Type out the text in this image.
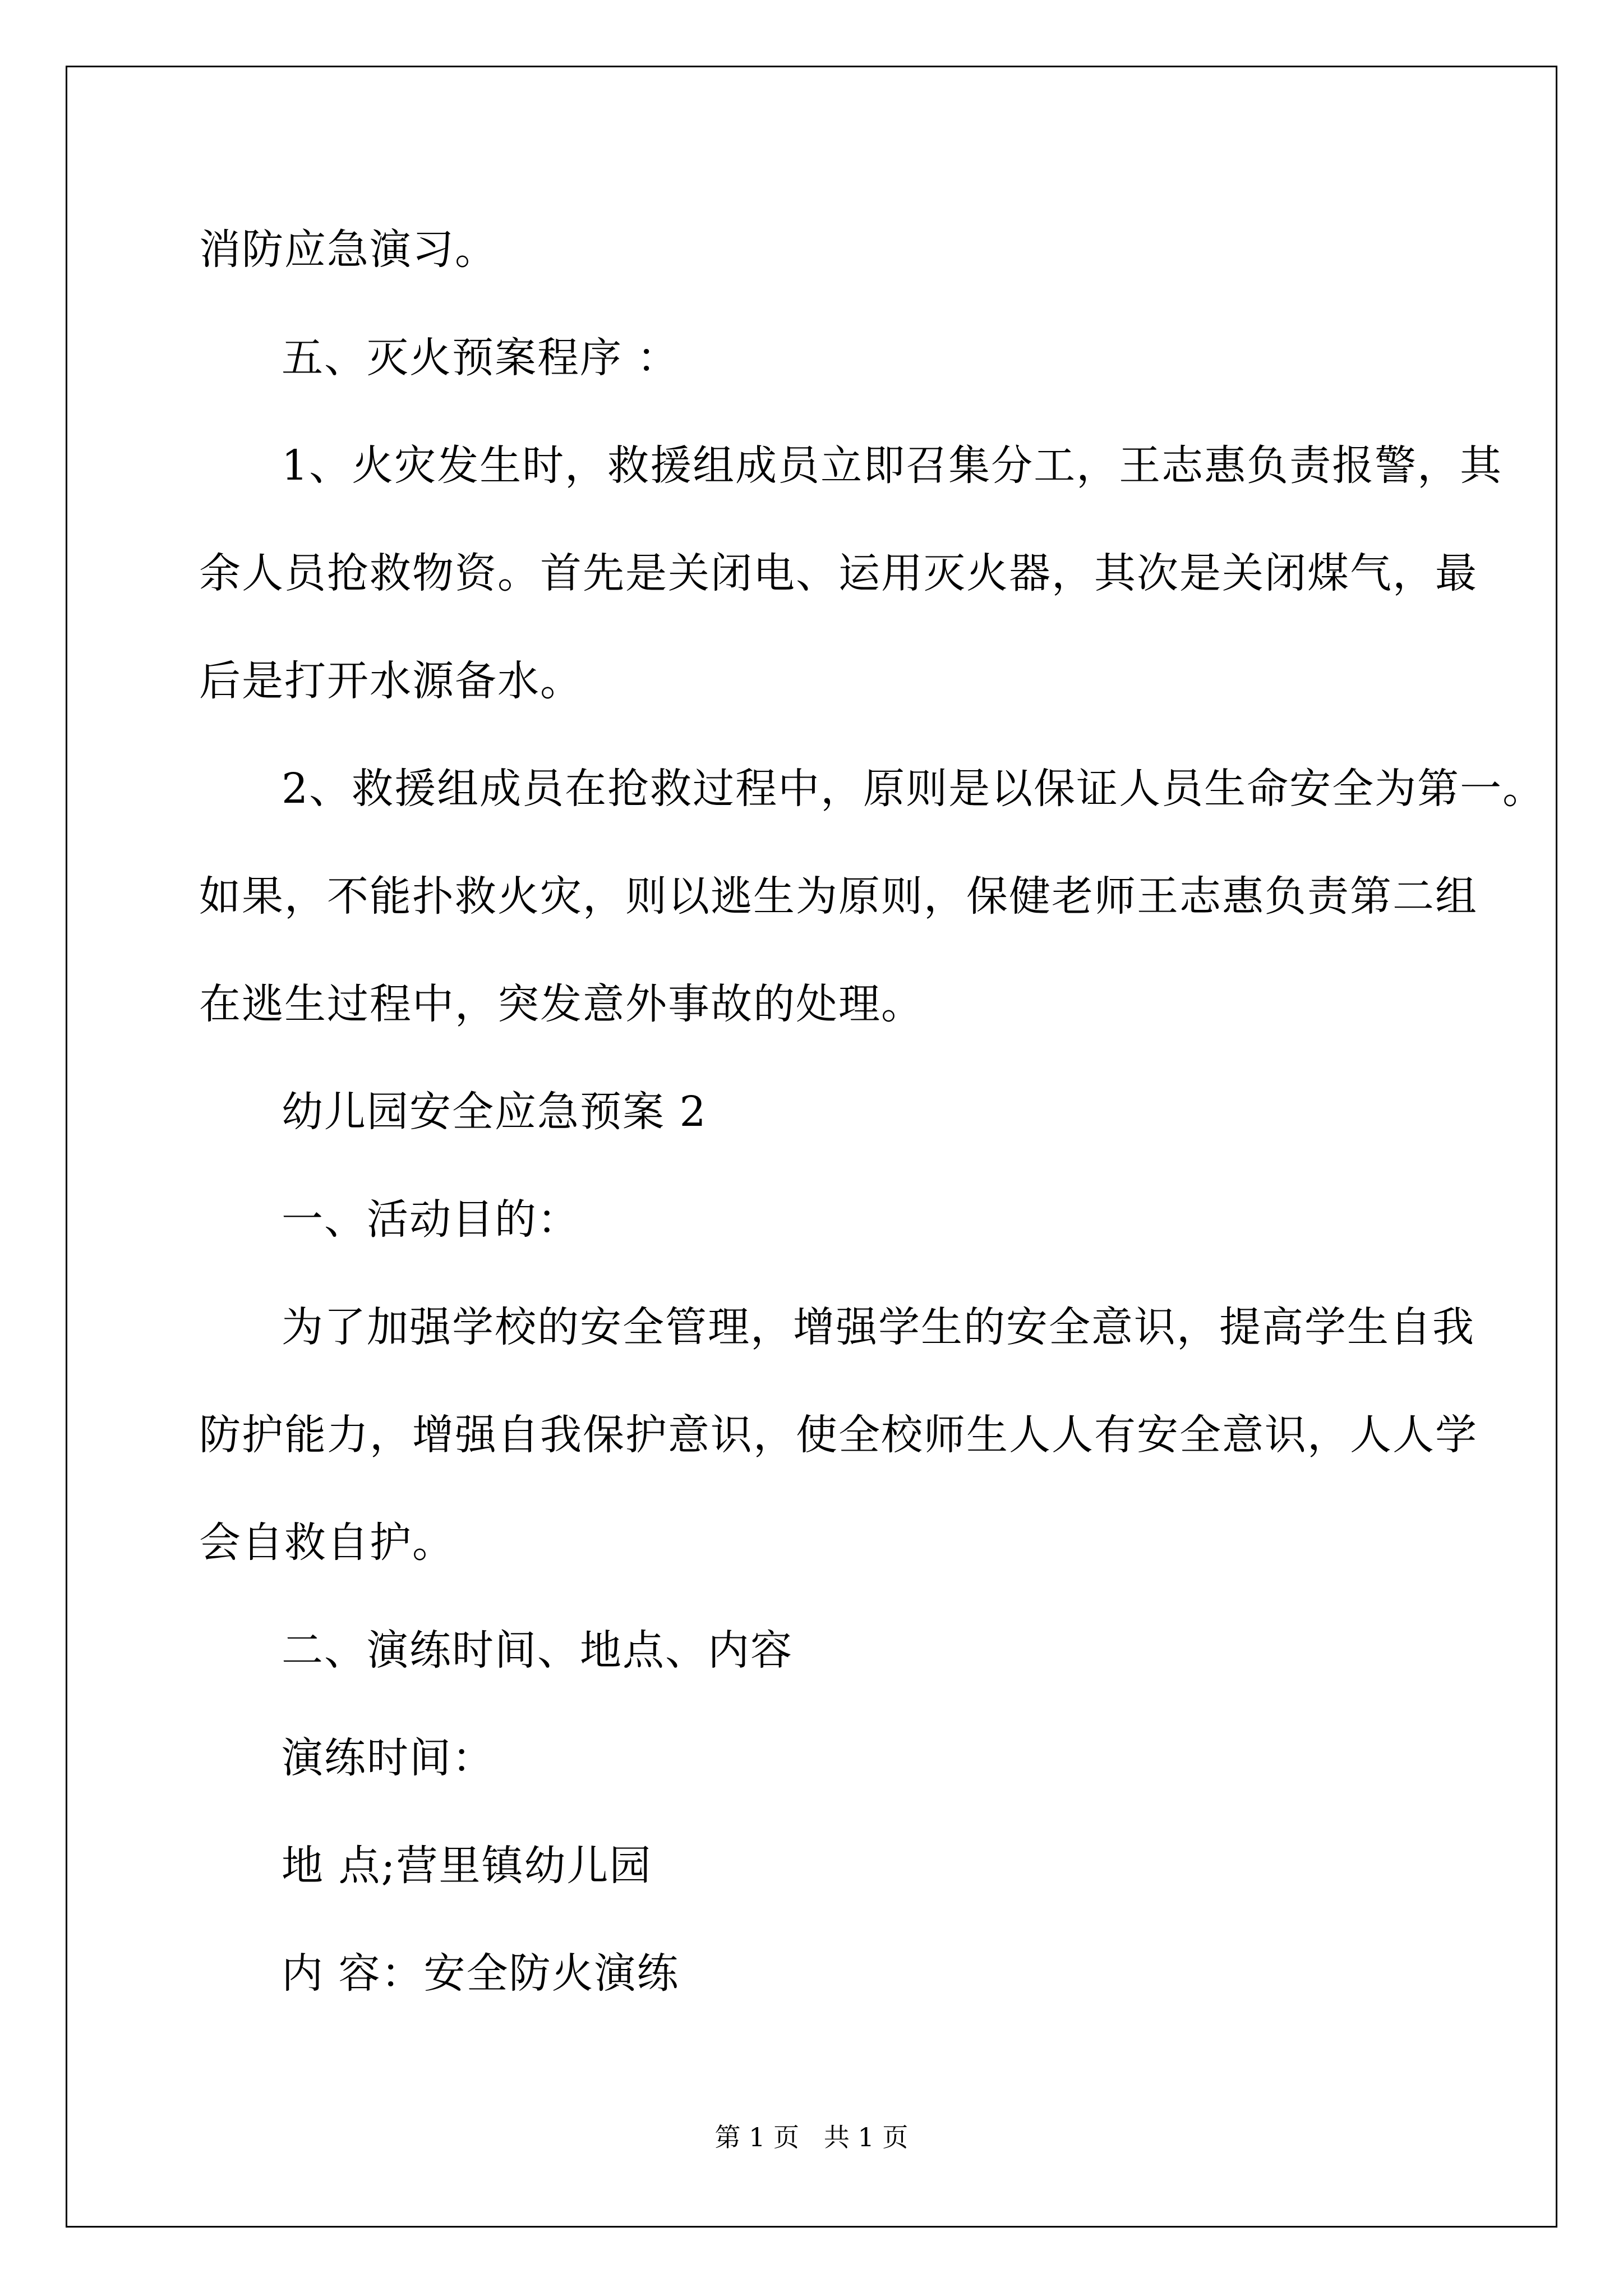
消防应急演习。
五、灭火预案程序 ：
1、火灾发生时，救援组成员立即召集分工，王志惠负责报警，其
余人员抢救物资。首先是关闭电、运用灭火器，其次是关闭煤气，最
后是打开水源备水。
2、救援组成员在抢救过程中，原则是以保证人员生命安全为第一。
如果，不能扑救火灾，则以逃生为原则，保健老师王志惠负责第二组
在逃生过程中，突发意外事故的处理。
幼儿园安全应急预案 2
一、活动目的：
为了加强学校的安全管理，增强学生的安全意识，提高学生自我
防护能力，增强自我保护意识，使全校师生人人有安全意识，人人学
会自救自护。
二、演练时间、地点、内容
演练时间：
地 点;营里镇幼儿园
内 容：安全防火演练
第 1 页   共 1 页
